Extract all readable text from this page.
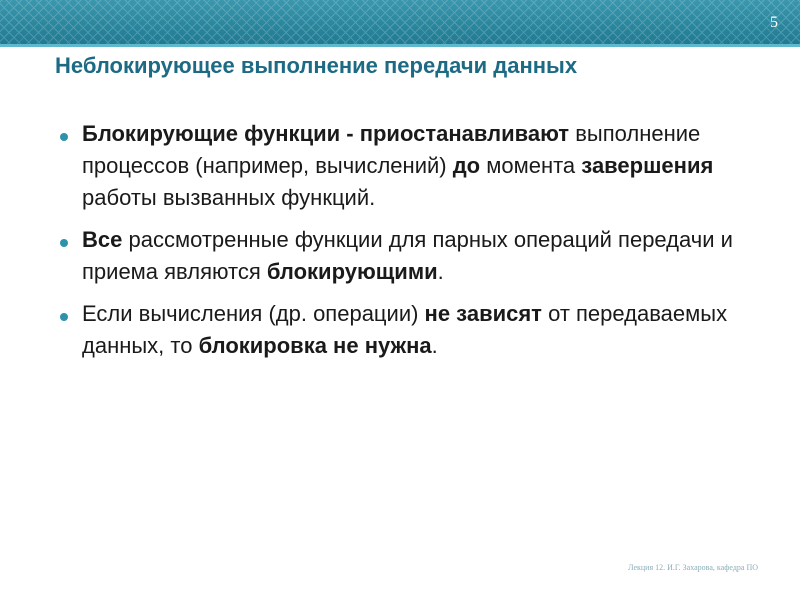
5
Неблокирующее выполнение передачи данных
Блокирующие функции - приостанавливают выполнение процессов (например, вычислений) до момента завершения работы вызванных функций.
Все рассмотренные функции для парных операций передачи и приема являются блокирующими.
Если вычисления (др. операции) не зависят от передаваемых данных, то блокировка не нужна.
Лекция 12. И.Г. Захарова, кафедра ПО
